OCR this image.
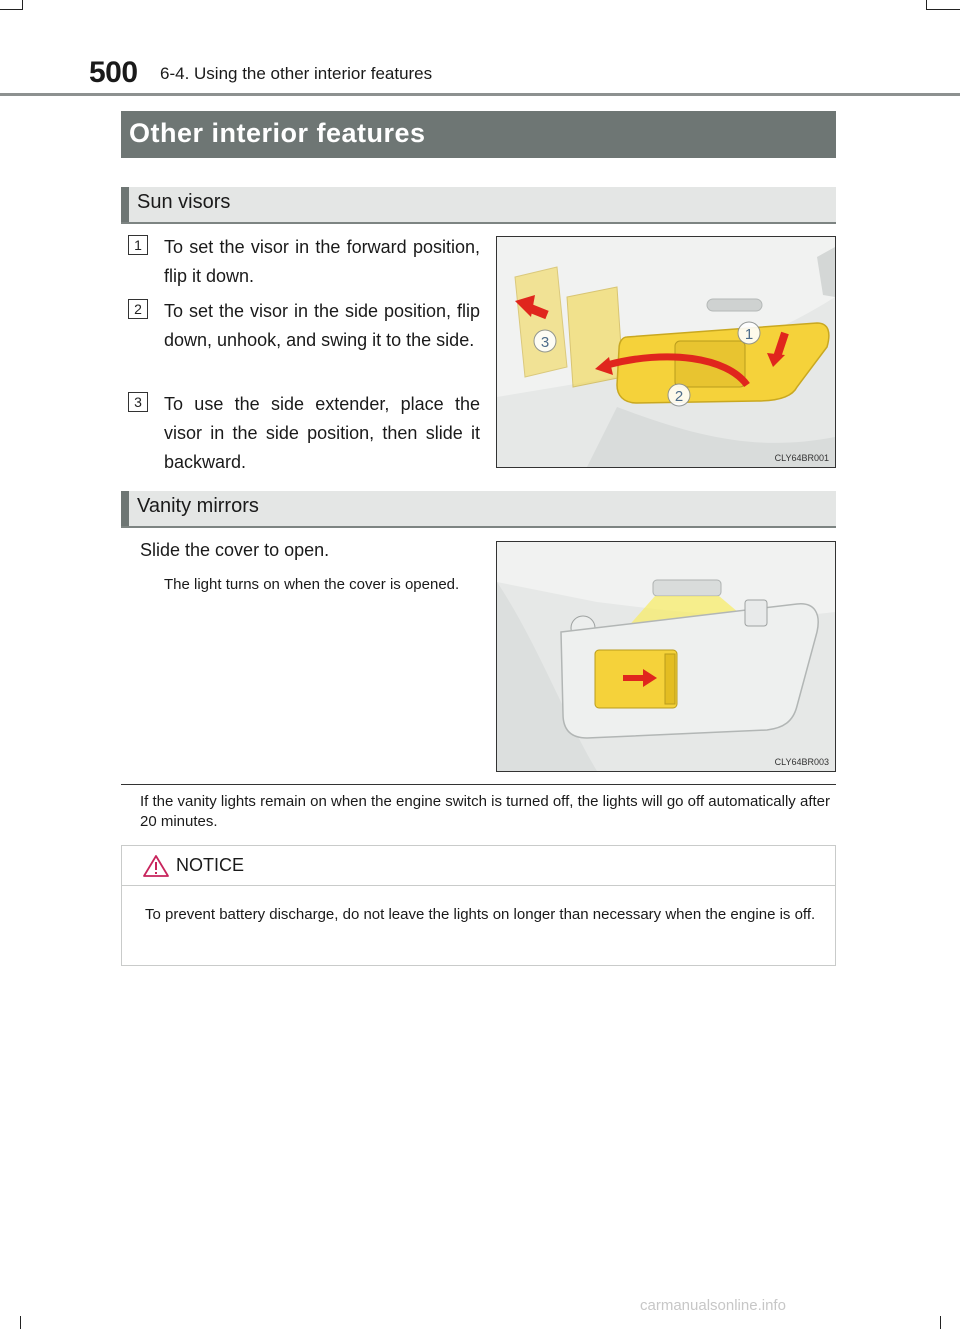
500 6-4. Using the other interior features
Other interior features
Sun visors
1	To set the visor in the forward position, flip it down.
2	To set the visor in the side position, flip down, unhook, and swing it to the side.
3	To use the side extender, place the visor in the side position, then slide it backward.
3	1
2
CLY64BR001
Vanity mirrors
Slide the cover to open.
The light turns on when the cover is opened.
CLY64BR003
If the vanity lights remain on when the engine switch is turned off, the lights will go off automatically after 20 minutes.
NOTICE
To prevent battery discharge, do not leave the lights on longer than necessary when the engine is off.
carmanualsonline.info
